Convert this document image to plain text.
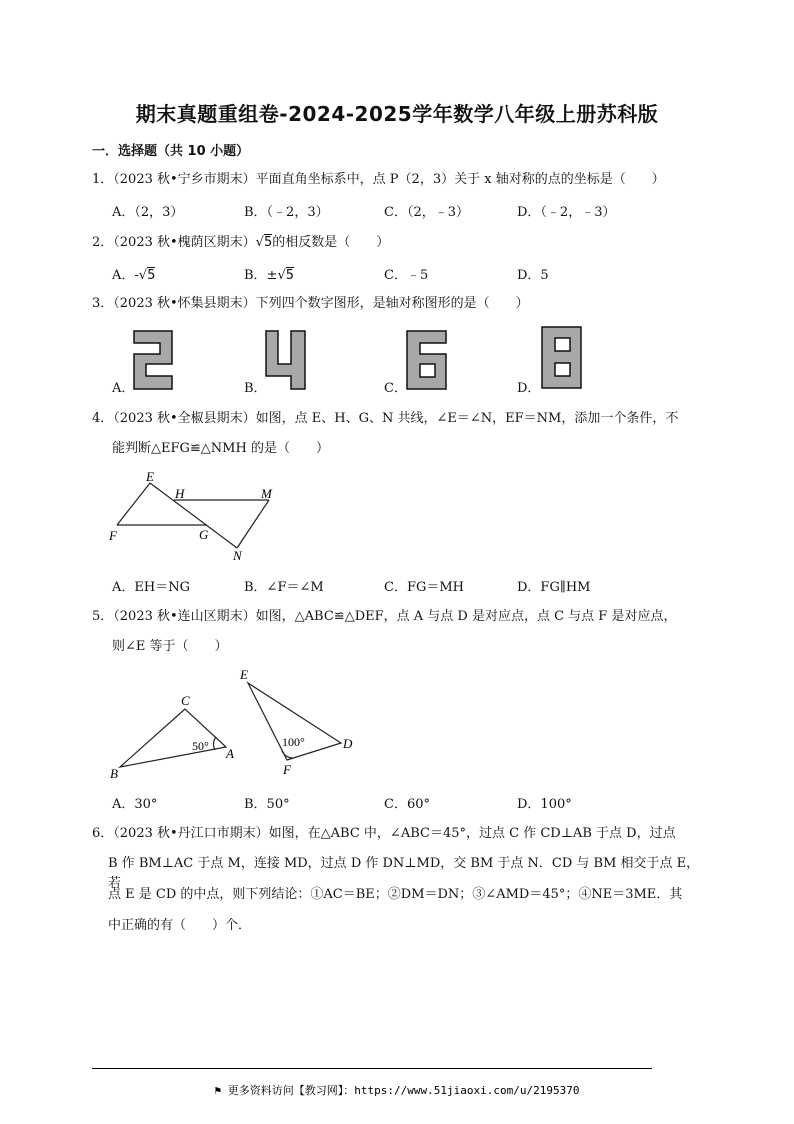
期末真题重组卷-2024-2025学年数学八年级上册苏科版
一．选择题（共 10 小题）
1．（2023 秋•宁乡市期末）平面直角坐标系中，点 P（2，3）关于 x 轴对称的点的坐标是（　　）
A．（2，3）	B．（﹣2，3）	C．（2，﹣3）	D．（﹣2，﹣3）
2．（2023 秋•槐荫区期末）√5的相反数是（　　）
A．-√5	B．±√5	C．﹣5	D．5
3．（2023 秋•怀集县期末）下列四个数字图形，是轴对称图形的是（　　）
A．	B．	C．	D．
4．（2023 秋•全椒县期末）如图，点 E、H、G、N 共线，∠E＝∠N，EF＝NM，添加一个条件，不
能判断△EFG≌△NMH 的是（　　）
E
H	M
F	G
N
A．EH＝NG	B．∠F＝∠M	C．FG＝MH	D．FG∥HM
5．（2023 秋•连山区期末）如图，△ABC≌△DEF，点 A 与点 D 是对应点，点 C 与点 F 是对应点，
则∠E 等于（　　）
C
B
A
50°
E
D
F
100°
A．30°	B．50°	C．60°	D．100°
6．（2023 秋•丹江口市期末）如图，在△ABC 中，∠ABC＝45°，过点 C 作 CD⊥AB 于点 D，过点
B 作 BM⊥AC 于点 M，连接 MD，过点 D 作 DN⊥MD，交 BM 于点 N．CD 与 BM 相交于点 E，若
点 E 是 CD 的中点，则下列结论：①AC＝BE；②DM＝DN；③∠AMD＝45°；④NE＝3ME．其
中正确的有（　　）个．
⚑ 更多资料访问【教习网】：https://www.51jiaoxi.com/u/2195370
